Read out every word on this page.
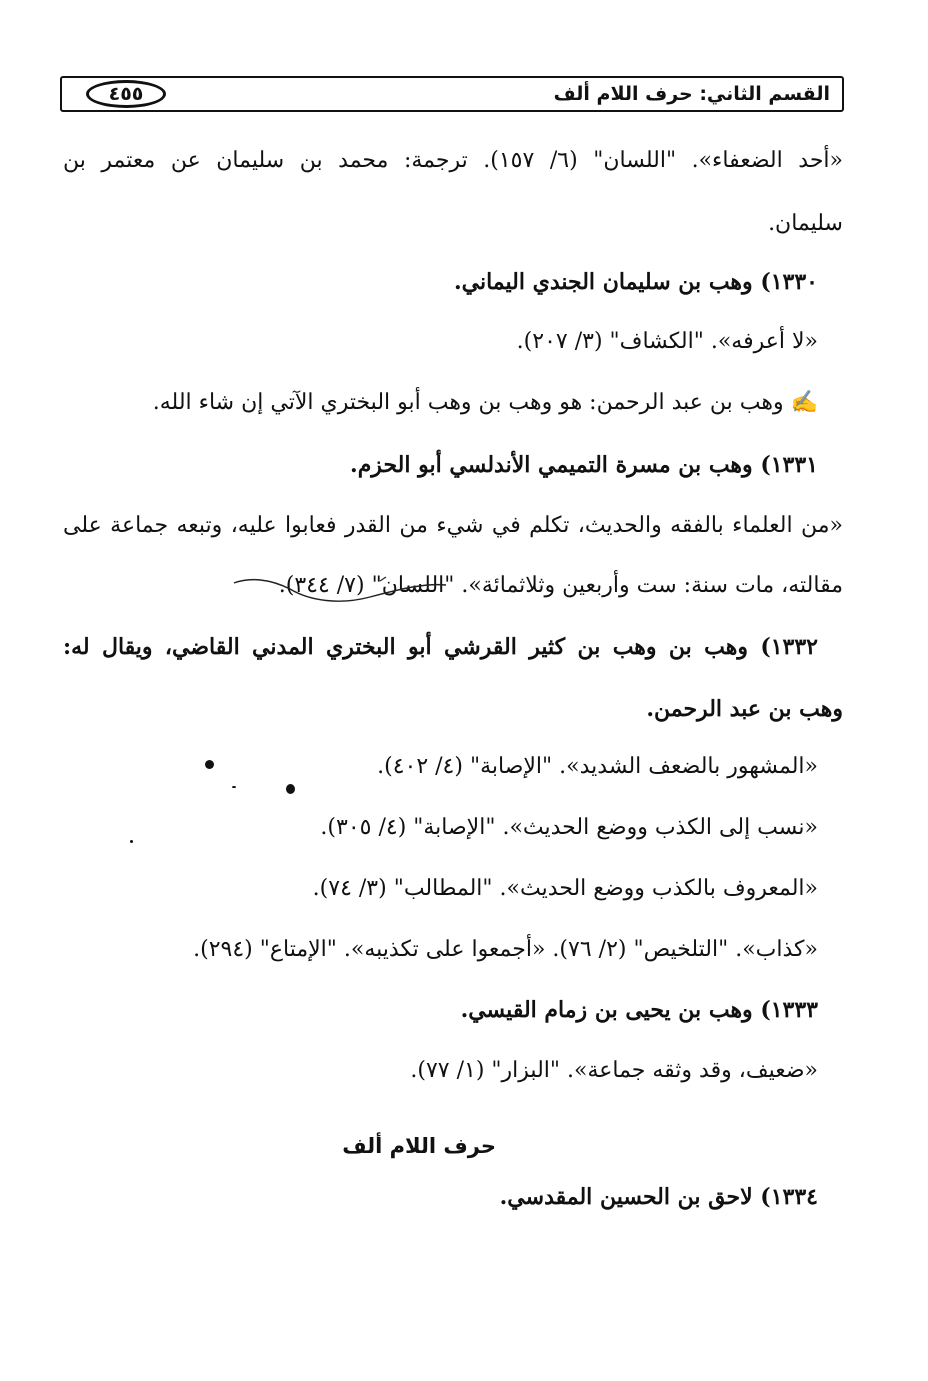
القسم الثاني: حرف اللام ألف
٤٥٥
«أحد الضعفاء». "اللسان" (٦/ ١٥٧). ترجمة: محمد بن سليمان عن معتمر بن
سليمان.
١٣٣٠) وهب بن سليمان الجندي اليماني.
«لا أعرفه». "الكشاف" (٣/ ٢٠٧).
✍ وهب بن عبد الرحمن: هو وهب بن وهب أبو البختري الآتي إن شاء الله.
١٣٣١) وهب بن مسرة التميمي الأندلسي أبو الحزم.
«من العلماء بالفقه والحديث، تكلم في شيء من القدر فعابوا عليه، وتبعه جماعة على
مقالته، مات سنة: ست وأربعين وثلاثمائة». "اللسان" (٧/ ٣٤٤).
١٣٣٢) وهب بن وهب بن كثير القرشي أبو البختري المدني القاضي، ويقال له:
وهب بن عبد الرحمن.
«المشهور بالضعف الشديد». "الإصابة" (٤/ ٤٠٢).
«نسب إلى الكذب ووضع الحديث». "الإصابة" (٤/ ٣٠٥).
«المعروف بالكذب ووضع الحديث». "المطالب" (٣/ ٧٤).
«كذاب». "التلخيص" (٢/ ٧٦). «أجمعوا على تكذيبه». "الإمتاع" (٢٩٤).
١٣٣٣) وهب بن يحيى بن زمام القيسي.
«ضعيف، وقد وثقه جماعة». "البزار" (١/ ٧٧).
حرف اللام ألف
١٣٣٤) لاحق بن الحسين المقدسي.
